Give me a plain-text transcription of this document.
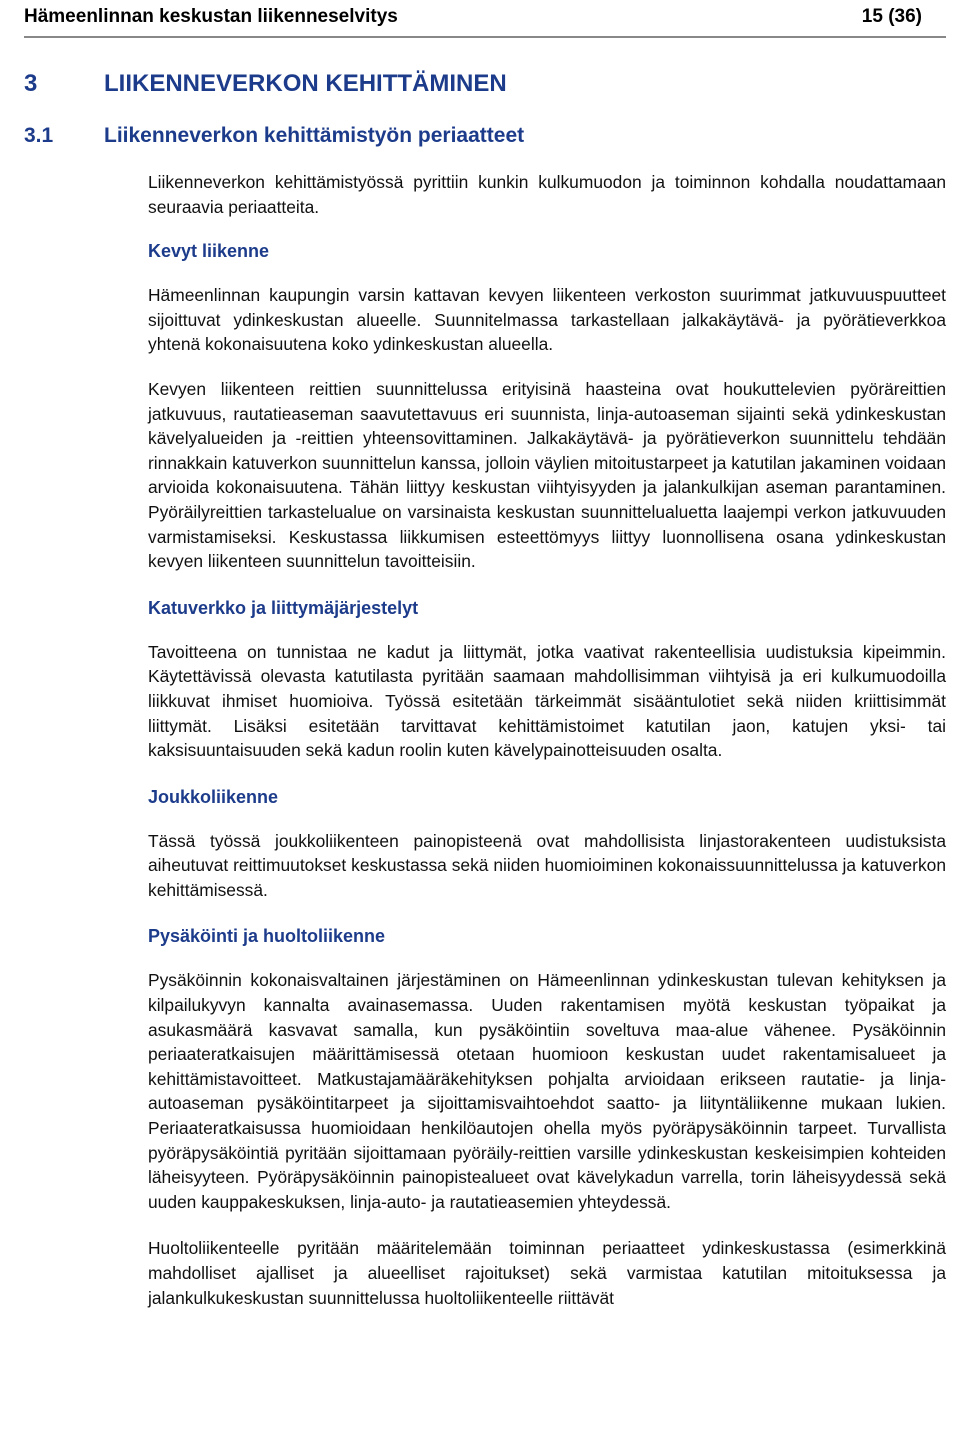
Hämeenlinnan keskustan liikenneselvitys	15 (36)
3	LIIKENNEVERKON KEHITTÄMINEN
3.1	Liikenneverkon kehittämistyön periaatteet

Liikenneverkon kehittämistyössä pyrittiin kunkin kulkumuodon ja toiminnon kohdalla noudattamaan seuraavia periaatteita.

Kevyt liikenne

Hämeenlinnan kaupungin varsin kattavan kevyen liikenteen verkoston suurimmat jatkuvuuspuutteet sijoittuvat ydinkeskustan alueelle. Suunnitelmassa tarkastellaan jalkakäytävä- ja pyörätieverkkoa yhtenä kokonaisuutena koko ydinkeskustan alueella.

Kevyen liikenteen reittien suunnittelussa erityisinä haasteina ovat houkuttelevien pyöräreittien jatkuvuus, rautatieaseman saavutettavuus eri suunnista, linja-autoaseman sijainti sekä ydinkeskustan kävelyalueiden ja -reittien yhteensovittaminen. Jalkakäytävä- ja pyörätieverkon suunnittelu tehdään rinnakkain katuverkon suunnittelun kanssa, jolloin väylien mitoitustarpeet ja katutilan jakaminen voidaan arvioida kokonaisuutena. Tähän liittyy keskustan viihtyisyyden ja jalankulkijan aseman parantaminen. Pyöräilyreittien tarkastelualue on varsinaista keskustan suunnittelualuetta laajempi verkon jatkuvuuden varmistamiseksi. Keskustassa liikkumisen esteettömyys liittyy luonnollisena osana ydinkeskustan kevyen liikenteen suunnittelun tavoitteisiin.

Katuverkko ja liittymäjärjestelyt

Tavoitteena on tunnistaa ne kadut ja liittymät, jotka vaativat rakenteellisia uudistuksia kipeimmin. Käytettävissä olevasta katutilasta pyritään saamaan mahdollisimman viihtyisä ja eri kulkumuodoilla liikkuvat ihmiset huomioiva. Työssä esitetään tärkeimmät sisääntulotiet sekä niiden kriittisimmät liittymät. Lisäksi esitetään tarvittavat kehittämistoimet katutilan jaon, katujen yksi- tai kaksisuuntaisuuden sekä kadun roolin kuten kävelypainotteisuuden osalta.

Joukkoliikenne

Tässä työssä joukkoliikenteen painopisteenä ovat mahdollisista linjastorakenteen uudistuksista aiheutuvat reittimuutokset keskustassa sekä niiden huomioiminen kokonaissuunnittelussa ja katuverkon kehittämisessä.

Pysäköinti ja huoltoliikenne

Pysäköinnin kokonaisvaltainen järjestäminen on Hämeenlinnan ydinkeskustan tulevan kehityksen ja kilpailukyvyn kannalta avainasemassa. Uuden rakentamisen myötä keskustan työpaikat ja asukasmäärä kasvavat samalla, kun pysäköintiin soveltuva maa-alue vähenee. Pysäköinnin periaateratkaisujen määrittämisessä otetaan huomioon keskustan uudet rakentamisalueet ja kehittämistavoitteet. Matkustajamääräkehityksen pohjalta arvioidaan erikseen rautatie- ja linja-autoaseman pysäköintitarpeet ja sijoittamisvaihtoehdot saatto- ja liityntäliikenne mukaan lukien. Periaateratkaisussa huomioidaan henkilöautojen ohella myös pyöräpysäköinnin tarpeet. Turvallista pyöräpysäköintiä pyritään sijoittamaan pyöräily-reittien varsille ydinkeskustan keskeisimpien kohteiden läheisyyteen. Pyöräpysäköinnin painopistealueet ovat kävelykadun varrella, torin läheisyydessä sekä uuden kauppakeskuksen, linja-auto- ja rautatieasemien yhteydessä.

Huoltoliikenteelle pyritään määritelemään toiminnan periaatteet ydinkeskustassa (esimerkkinä mahdolliset ajalliset ja alueelliset rajoitukset) sekä varmistaa katutilan mitoituksessa ja jalankulkukeskustan suunnittelussa huoltoliikenteelle riittävät
